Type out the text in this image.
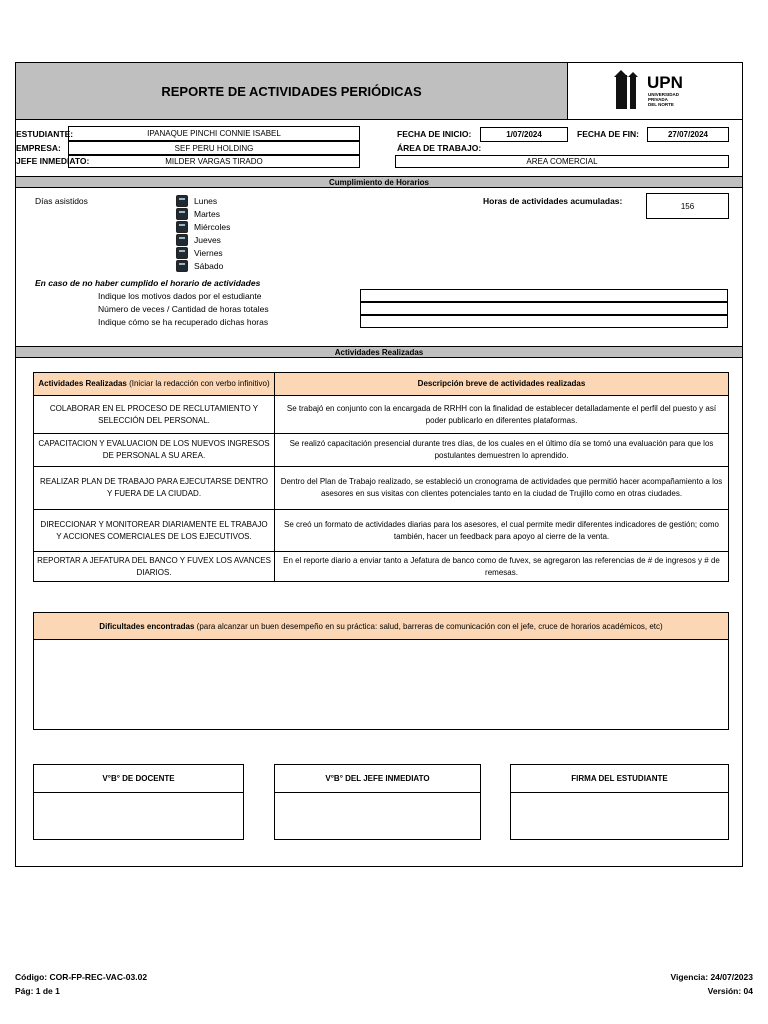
REPORTE DE ACTIVIDADES PERIÓDICAS	UPN
UNIVERSIDAD
PRIVADA
DEL NORTE
ESTUDIANTE:	IPANAQUE PINCHI CONNIE ISABEL
EMPRESA:	SEF PERU HOLDING
JEFE INMEDIATO:	MILDER VARGAS TIRADO
FECHA DE INICIO:	1/07/2024	FECHA DE FIN:	27/07/2024
ÁREA DE TRABAJO:
AREA COMERCIAL
Cumplimiento de Horarios
Días asistidos	Lunes
Martes
Miércoles
Jueves
Viernes
Sábado
Horas de actividades acumuladas:	156
En caso de no haber cumplido el horario de actividades
Indique los motivos dados por el estudiante
Número de veces / Cantidad de horas totales
Indique cómo se ha recuperado dichas horas
Actividades Realizadas
Actividades Realizadas (Iniciar la redacción con verbo infinitivo)	Descripción breve de actividades realizadas
COLABORAR EN EL PROCESO DE RECLUTAMIENTO Y SELECCIÓN DEL PERSONAL.	Se trabajó en conjunto con la encargada de RRHH con la finalidad de establecer detalladamente el perfil del puesto y así poder publicarlo en diferentes plataformas.
CAPACITACION Y EVALUACION DE LOS NUEVOS INGRESOS DE PERSONAL A SU AREA.	Se realizó capacitación presencial durante tres días, de los cuales en el último día se tomó una evaluación para que los postulantes demuestren lo aprendido.
REALIZAR PLAN DE TRABAJO PARA EJECUTARSE DENTRO Y FUERA DE LA CIUDAD.	Dentro del Plan de Trabajo realizado, se estableció un cronograma de actividades que permitió hacer acompañamiento a los asesores en sus visitas con clientes potenciales tanto en la ciudad de Trujillo como en otras ciudades.
DIRECCIONAR Y MONITOREAR DIARIAMENTE EL TRABAJO Y ACCIONES COMERCIALES DE LOS EJECUTIVOS.	Se creó un formato de actividades diarias para los asesores, el cual permite medir diferentes indicadores de gestión; como también, hacer un feedback para apoyo al cierre de la venta.
REPORTAR A JEFATURA DEL BANCO Y FUVEX LOS AVANCES DIARIOS.	En el reporte diario a enviar tanto a Jefatura de banco como de fuvex, se agregaron las referencias de # de ingresos y # de remesas.
Dificultades encontradas (para alcanzar un buen desempeño en su práctica: salud, barreras de comunicación con el jefe, cruce de horarios académicos, etc)
V°B° DE DOCENTE	V°B° DEL JEFE INMEDIATO	FIRMA DEL ESTUDIANTE
Código: COR-FP-REC-VAC-03.02
Pág: 1 de 1
Vigencia: 24/07/2023
Versión: 04
